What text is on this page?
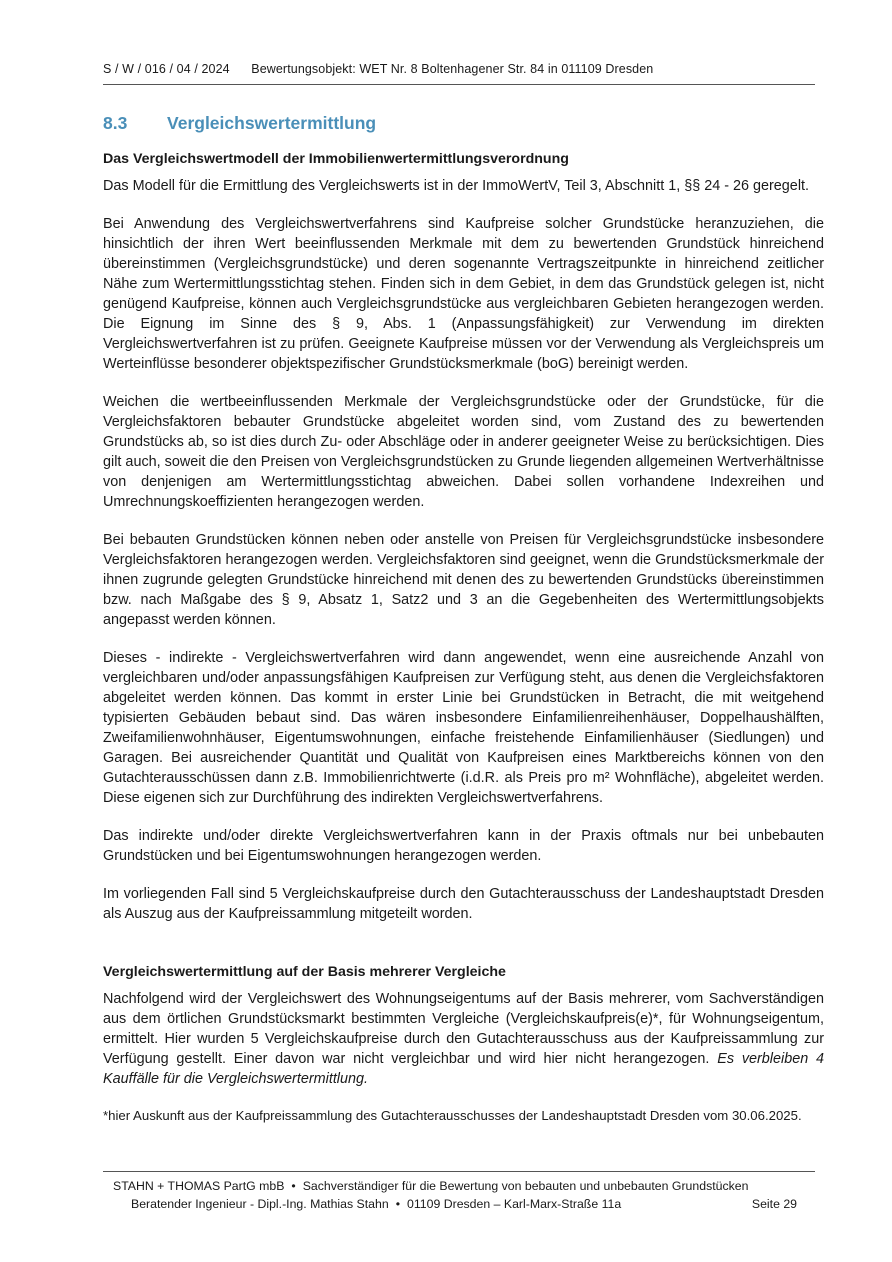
S / W / 016 / 04 / 2024 Bewertungsobjekt: WET Nr. 8 Boltenhagener Str. 84 in 011109 Dresden
8.3 Vergleichswertermittlung
Das Vergleichswertmodell der Immobilienwertermittlungsverordnung

Das Modell für die Ermittlung des Vergleichswerts ist in der ImmoWertV, Teil 3, Abschnitt 1, §§ 24 - 26 geregelt.

Bei Anwendung des Vergleichswertverfahrens sind Kaufpreise solcher Grundstücke heranzuziehen, die hinsichtlich der ihren Wert beeinflussenden Merkmale mit dem zu bewertenden Grundstück hinreichend übereinstimmen (Vergleichsgrundstücke) und deren sogenannte Vertragszeitpunkte in hinreichend zeitlicher Nähe zum Wertermittlungsstichtag stehen. Finden sich in dem Gebiet, in dem das Grundstück gelegen ist, nicht genügend Kaufpreise, können auch Vergleichsgrundstücke aus vergleichbaren Gebieten herangezogen werden. Die Eignung im Sinne des § 9, Abs. 1 (Anpassungsfähigkeit) zur Verwendung im direkten Vergleichswertverfahren ist zu prüfen. Geeignete Kaufpreise müssen vor der Verwendung als Vergleichspreis um Werteinflüsse besonderer objektspezifischer Grundstücksmerkmale (boG) bereinigt werden.

Weichen die wertbeeinflussenden Merkmale der Vergleichsgrundstücke oder der Grundstücke, für die Vergleichsfaktoren bebauter Grundstücke abgeleitet worden sind, vom Zustand des zu bewertenden Grundstücks ab, so ist dies durch Zu- oder Abschläge oder in anderer geeigneter Weise zu berücksichtigen. Dies gilt auch, soweit die den Preisen von Vergleichsgrundstücken zu Grunde liegenden allgemeinen Wertverhältnisse von denjenigen am Wertermittlungsstichtag abweichen. Dabei sollen vorhandene Indexreihen und Umrechnungskoeffizienten herangezogen werden.

Bei bebauten Grundstücken können neben oder anstelle von Preisen für Vergleichsgrundstücke insbesondere Vergleichsfaktoren herangezogen werden. Vergleichsfaktoren sind geeignet, wenn die Grundstücksmerkmale der ihnen zugrunde gelegten Grundstücke hinreichend mit denen des zu bewertenden Grundstücks übereinstimmen bzw. nach Maßgabe des § 9, Absatz 1, Satz2 und 3 an die Gegebenheiten des Wertermittlungsobjekts angepasst werden können.

Dieses - indirekte - Vergleichswertverfahren wird dann angewendet, wenn eine ausreichende Anzahl von vergleichbaren und/oder anpassungsfähigen Kaufpreisen zur Verfügung steht, aus denen die Vergleichsfaktoren abgeleitet werden können. Das kommt in erster Linie bei Grundstücken in Betracht, die mit weitgehend typisierten Gebäuden bebaut sind. Das wären insbesondere Einfamilienreihenhäuser, Doppelhaushälften, Zweifamilienwohnhäuser, Eigentumswohnungen, einfache freistehende Einfamilienhäuser (Siedlungen) und Garagen. Bei ausreichender Quantität und Qualität von Kaufpreisen eines Marktbereichs können von den Gutachterausschüssen dann z.B. Immobilienrichtwerte (i.d.R. als Preis pro m² Wohnfläche), abgeleitet werden. Diese eigenen sich zur Durchführung des indirekten Vergleichswertverfahrens.

Das indirekte und/oder direkte Vergleichswertverfahren kann in der Praxis oftmals nur bei unbebauten Grundstücken und bei Eigentumswohnungen herangezogen werden.

Im vorliegenden Fall sind 5 Vergleichskaufpreise durch den Gutachterausschuss der Landeshauptstadt Dresden als Auszug aus der Kaufpreissammlung mitgeteilt worden.

Vergleichswertermittlung auf der Basis mehrerer Vergleiche

Nachfolgend wird der Vergleichswert des Wohnungseigentums auf der Basis mehrerer, vom Sachverständigen aus dem örtlichen Grundstücksmarkt bestimmten Vergleiche (Vergleichskaufpreis(e)*, für Wohnungseigentum, ermittelt. Hier wurden 5 Vergleichskaufpreise durch den Gutachterausschuss aus der Kaufpreissammlung zur Verfügung gestellt. Einer davon war nicht vergleichbar und wird hier nicht herangezogen. Es verbleiben 4 Kauffälle für die Vergleichswertermittlung.

*hier Auskunft aus der Kaufpreissammlung des Gutachterausschusses der Landeshauptstadt Dresden vom 30.06.2025.

STAHN + THOMAS PartG mbB • Sachverständiger für die Bewertung von bebauten und unbebauten Grundstücken
Beratender Ingenieur - Dipl.-Ing. Mathias Stahn • 01109 Dresden – Karl-Marx-Straße 11a	Seite 29
